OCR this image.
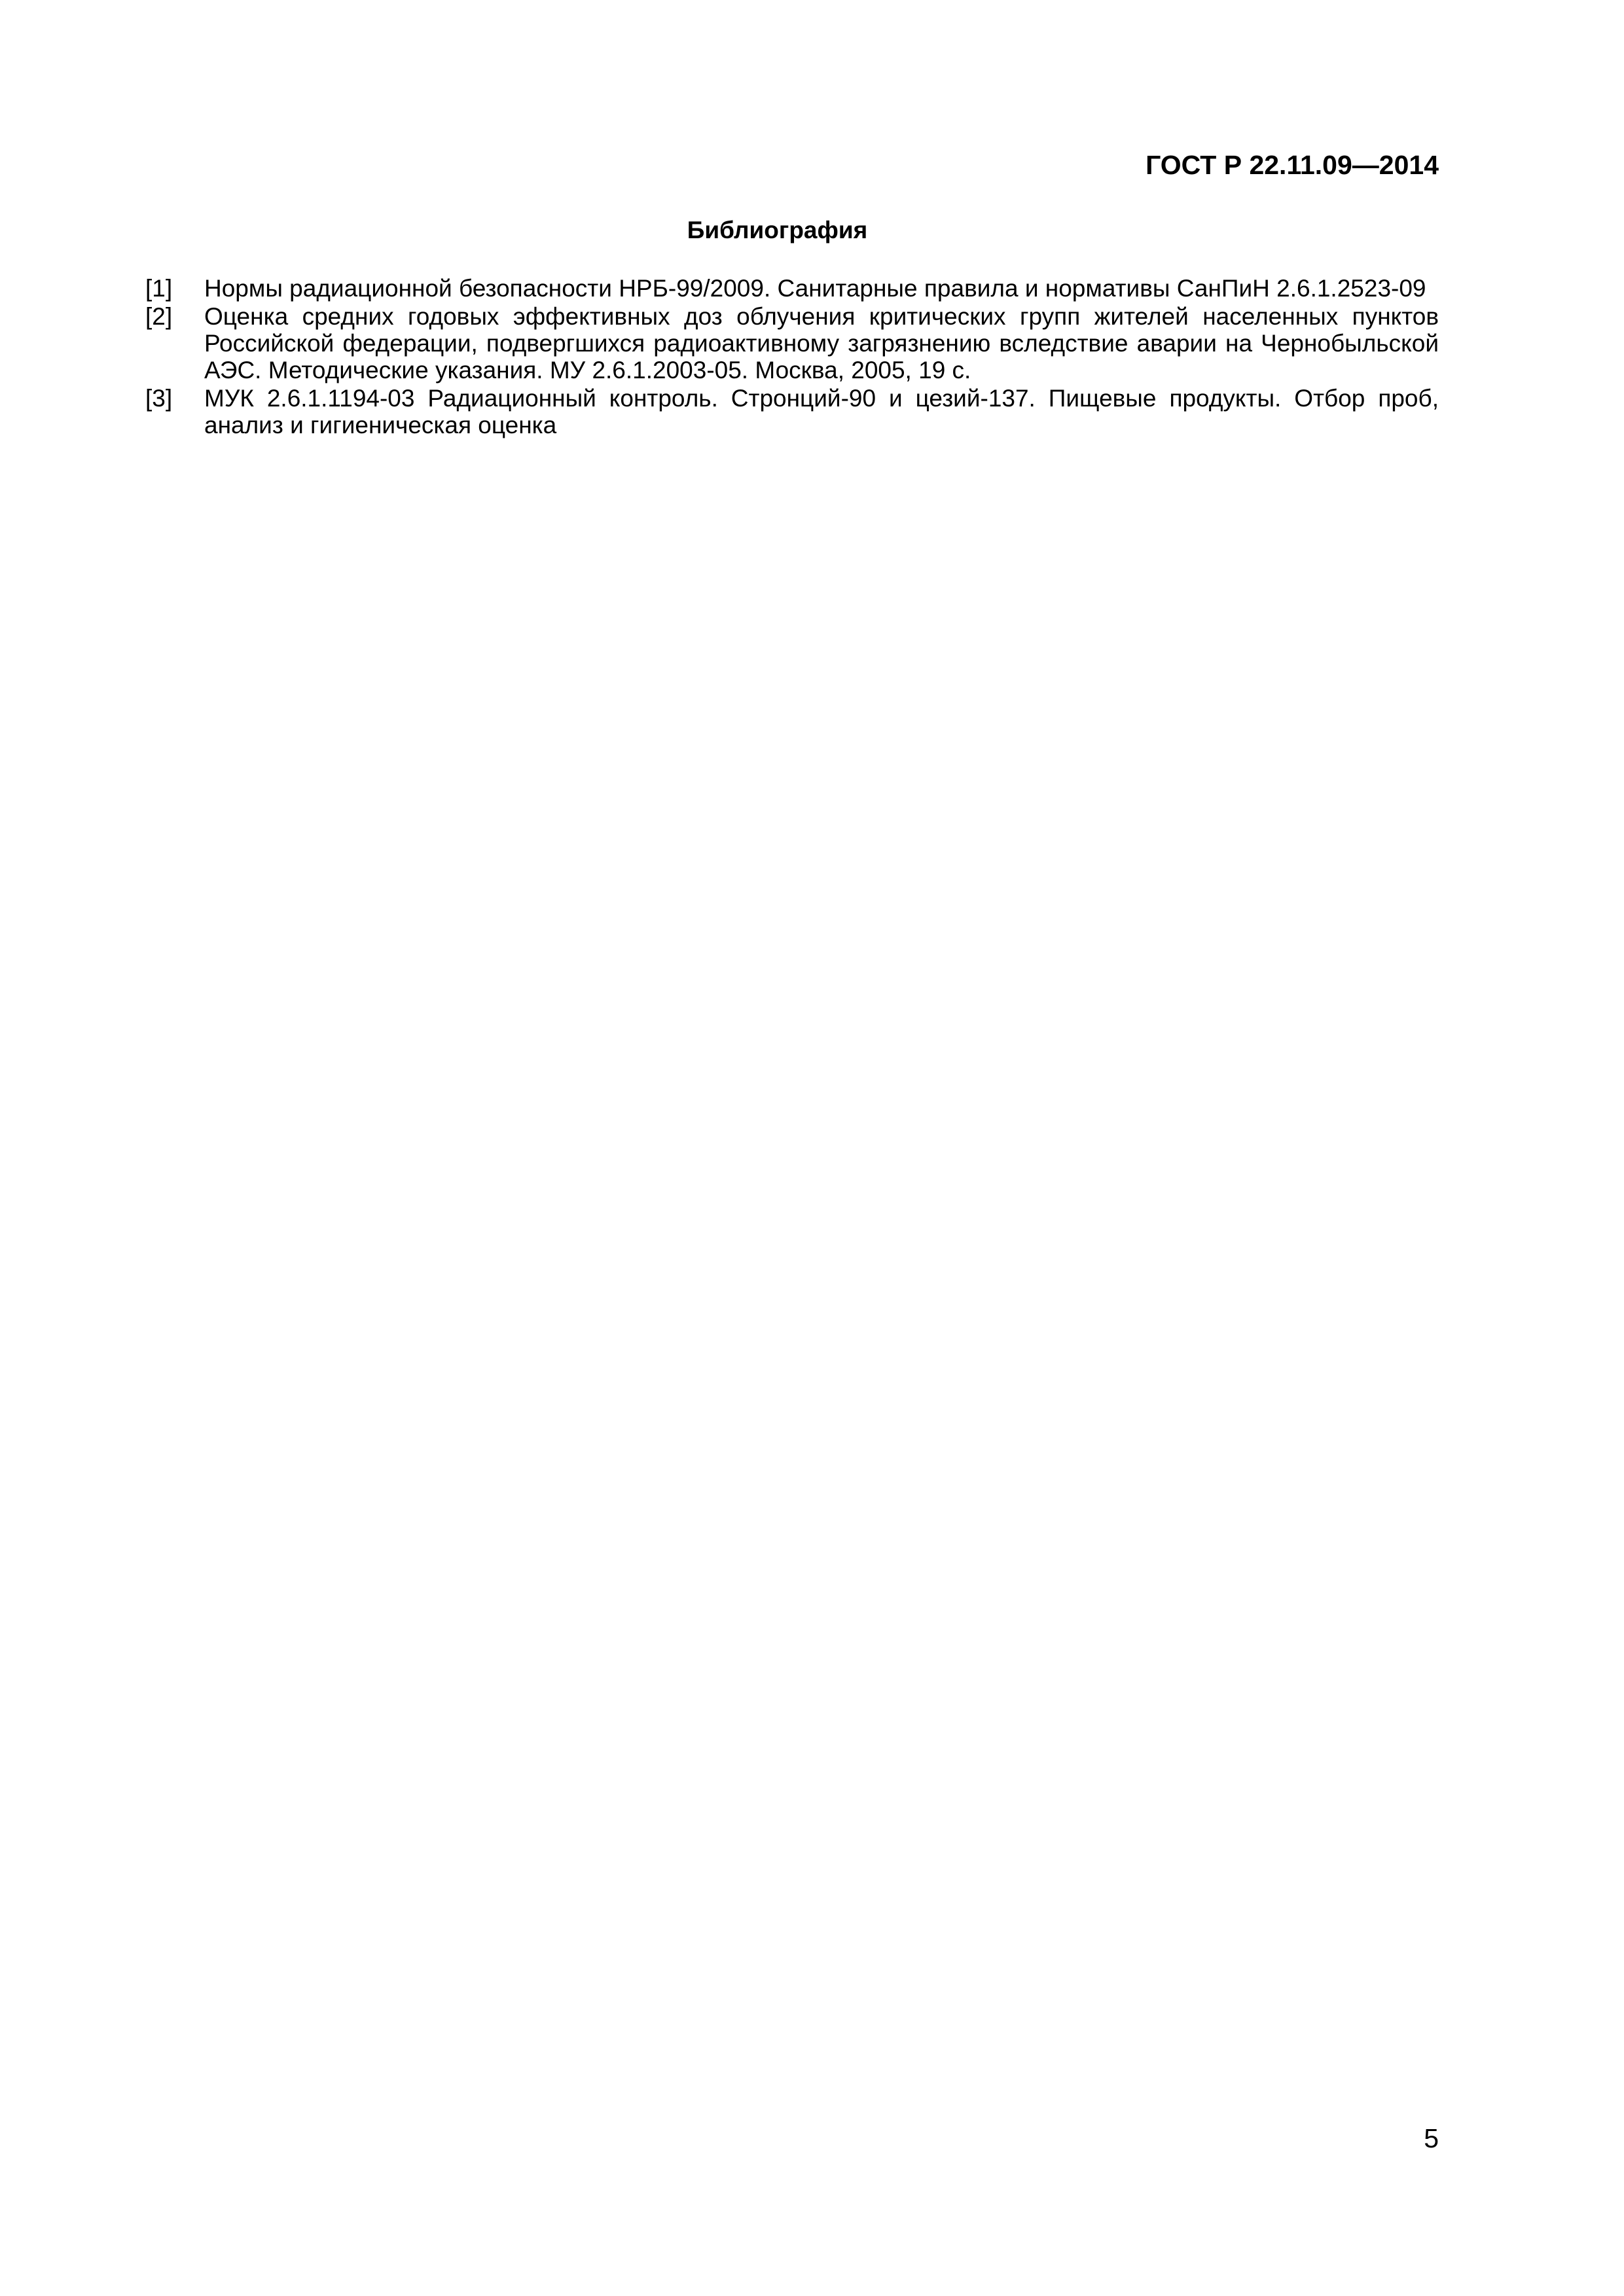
ГОСТ Р 22.11.09—2014
Библиография
[1]	Нормы радиационной безопасности НРБ-99/2009. Санитарные правила и нормативы СанПиН 2.6.1.2523-09
[2]	Оценка средних годовых эффективных доз облучения критических групп жителей населенных пунктов Российской федерации, подвергшихся радиоактивному загрязнению вследствие аварии на Чернобыльской АЭС. Методические указания. МУ 2.6.1.2003-05. Москва, 2005, 19 с.
[3]	МУК 2.6.1.1194-03 Радиационный контроль. Стронций-90 и цезий-137. Пищевые продукты. Отбор проб, анализ и гигиеническая оценка
5
